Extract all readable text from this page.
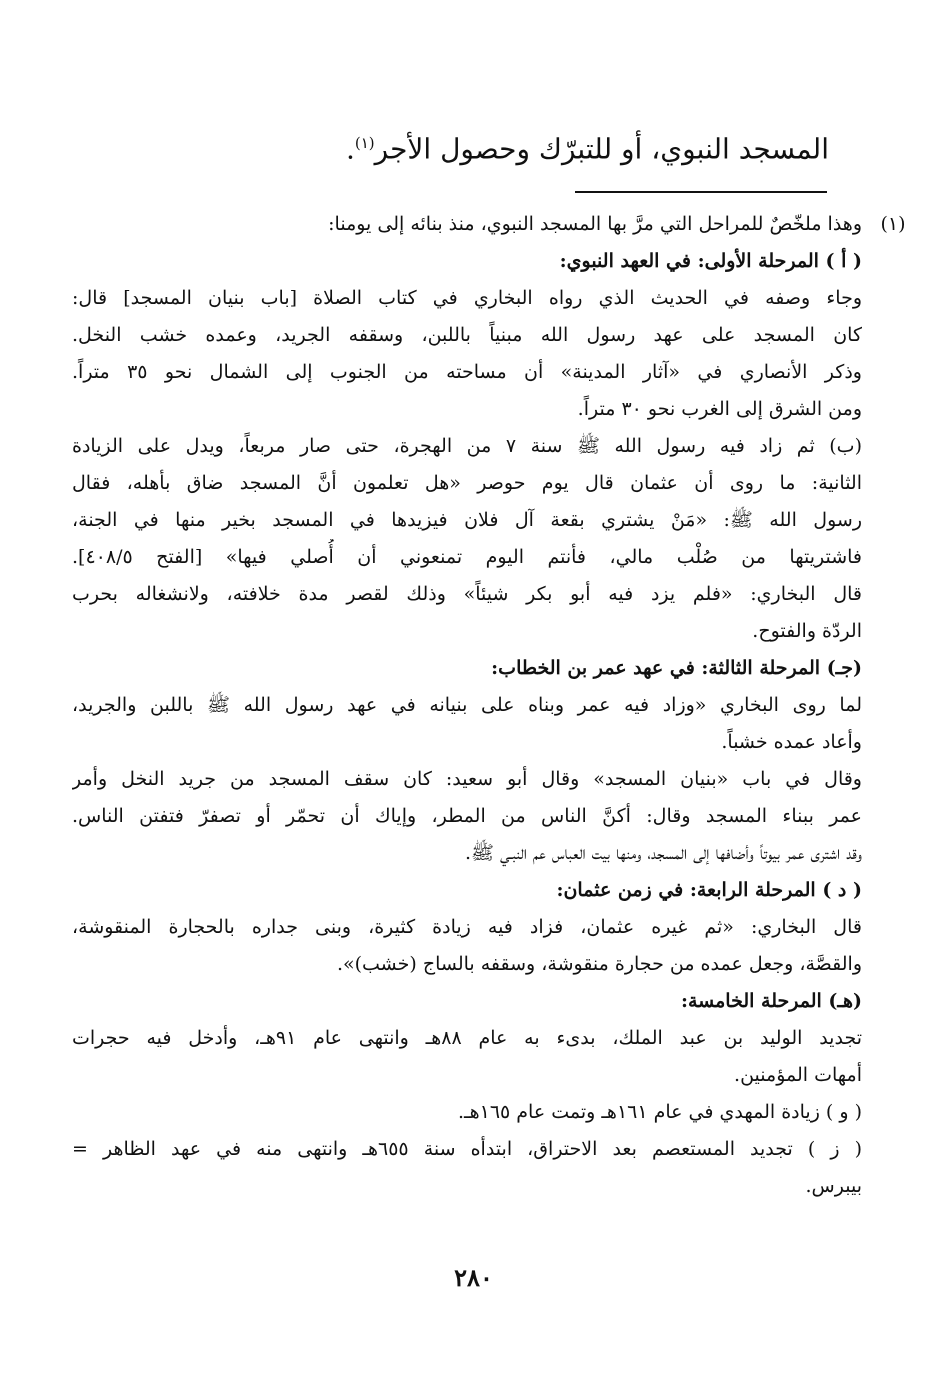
المسجد النبوي، أو للتبرّك وحصول الأجر$^{(١)}$.
(١)
وهذا ملخّصٌ للمراحل التي مرَّ بها المسجد النبوي، منذ بنائه إلى يومنا:
( أ ) المرحلة الأولى: في العهد النبوي:
وجاء وصفه في الحديث الذي رواه البخاري في كتاب الصلاة [باب بنيان المسجد] قال:
كان المسجد على عهد رسول الله مبنياً باللبن، وسقفه الجريد، وعمده خشب النخل.
وذكر الأنصاري في «آثار المدينة» أن مساحته من الجنوب إلى الشمال نحو ٣٥ متراً.
ومن الشرق إلى الغرب نحو ٣٠ متراً.
(ب) ثم زاد فيه رسول الله ﷺ سنة ٧ من الهجرة، حتى صار مربعاً، ويدل على الزيادة
الثانية: ما روى أن عثمان قال يوم حوصر «هل تعلمون أنَّ المسجد ضاق بأهله، فقال
رسول الله ﷺ: «مَنْ يشتري بقعة آل فلان فيزيدها في المسجد بخير منها في الجنة،
فاشتريتها من صُلْب مالي، فأنتم اليوم تمنعوني أن أُصلي فيها» [الفتح ٤٠٨/٥].
قال البخاري: «فلم يزد فيه أبو بكر شيئاً» وذلك لقصر مدة خلافته، ولانشغاله بحرب
الردّة والفتوح.
(جـ) المرحلة الثالثة: في عهد عمر بن الخطاب:
لما روى البخاري «وزاد فيه عمر وبناه على بنيانه في عهد رسول الله ﷺ باللبن والجريد،
وأعاد عمده خشباً.
وقال في باب «بنيان المسجد» وقال أبو سعيد: كان سقف المسجد من جريد النخل وأمر
عمر ببناء المسجد وقال: أكنَّ الناس من المطر، وإياك أن تحمّر أو تصفرّ فتفتن الناس.
وقد اشترى عمر بيوتاً وأضافها إلى المسجد، ومنها بيت العباس عم النبـي ﷺ.
( د ) المرحلة الرابعة: في زمن عثمان:
قال البخاري: «ثم غيره عثمان، فزاد فيه زيادة كثيرة، وبنى جداره بالحجارة المنقوشة،
والقصَّة، وجعل عمده من حجارة منقوشة، وسقفه بالساج (خشب)».
(هـ) المرحلة الخامسة:
تجديد الوليد بن عبد الملك، بدىء به عام ٨٨هـ وانتهى عام ٩١هـ، وأدخل فيه حجرات
أمهات المؤمنين.
( و ) زيادة المهدي في عام ١٦١هـ وتمت عام ١٦٥هـ.
( ز ) تجديد المستعصم بعد الاحتراق، ابتدأه سنة ٦٥٥هـ وانتهى منه في عهد الظاهر =
بيبرس.
٢٨٠
